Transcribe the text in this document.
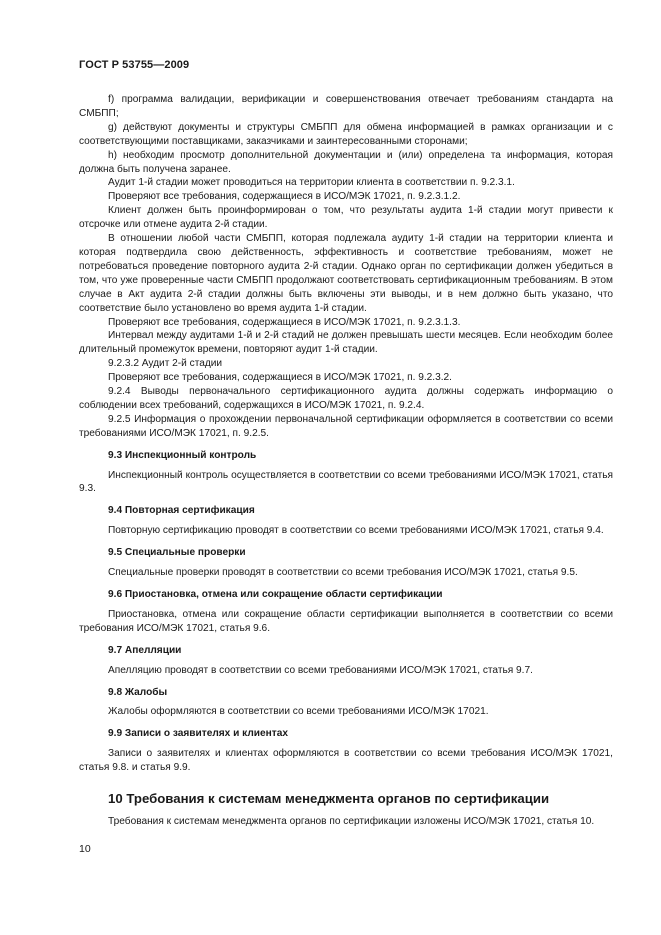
ГОСТ Р 53755—2009

f) программа валидации, верификации и совершенствования отвечает требованиям стандарта на СМБПП;

g) действуют документы и структуры СМБПП для обмена информацией в рамках организации и с соответствующими поставщиками, заказчиками и заинтересованными сторонами;

h) необходим просмотр дополнительной документации и (или) определена та информация, которая должна быть получена заранее.

Аудит 1-й стадии может проводиться на территории клиента в соответствии п. 9.2.3.1.

Проверяют все требования, содержащиеся в ИСО/МЭК 17021, п. 9.2.3.1.2.

Клиент должен быть проинформирован о том, что результаты аудита 1-й стадии могут привести к отсрочке или отмене аудита 2-й стадии.

В отношении любой части СМБПП, которая подлежала аудиту 1-й стадии на территории клиента и которая подтвердила свою действенность, эффективность и соответствие требованиям, может не потребоваться проведение повторного аудита 2-й стадии. Однако орган по сертификации должен убедиться в том, что уже проверенные части СМБПП продолжают соответствовать сертификационным требованиям. В этом случае в Акт аудита 2-й стадии должны быть включены эти выводы, и в нем должно быть указано, что соответствие было установлено во время аудита 1-й стадии.

Проверяют все требования, содержащиеся в ИСО/МЭК 17021, п. 9.2.3.1.3.

Интервал между аудитами 1-й и 2-й стадий не должен превышать шести месяцев. Если необходим более длительный промежуток времени, повторяют аудит 1-й стадии.

9.2.3.2 Аудит 2-й стадии

Проверяют все требования, содержащиеся в ИСО/МЭК 17021, п. 9.2.3.2.

9.2.4 Выводы первоначального сертификационного аудита должны содержать информацию о соблюдении всех требований, содержащихся в ИСО/МЭК 17021, п. 9.2.4.

9.2.5 Информация о прохождении первоначальной сертификации оформляется в соответствии со всеми требованиями ИСО/МЭК 17021, п. 9.2.5.

9.3 Инспекционный контроль

Инспекционный контроль осуществляется в соответствии со всеми требованиями ИСО/МЭК 17021, статья 9.3.

9.4 Повторная сертификация

Повторную сертификацию проводят в соответствии со всеми требованиями ИСО/МЭК 17021, статья 9.4.

9.5 Специальные проверки

Специальные проверки проводят в соответствии со всеми требования ИСО/МЭК 17021, статья 9.5.

9.6 Приостановка, отмена или сокращение области сертификации

Приостановка, отмена или сокращение области сертификации выполняется в соответствии со всеми требования ИСО/МЭК 17021, статья 9.6.

9.7 Апелляции

Апелляцию проводят в соответствии со всеми требованиями ИСО/МЭК 17021, статья 9.7.

9.8 Жалобы

Жалобы оформляются в соответствии со всеми требованиями ИСО/МЭК 17021.

9.9 Записи о заявителях и клиентах

Записи о заявителях и клиентах оформляются в соответствии со всеми требования ИСО/МЭК 17021, статья 9.8. и статья 9.9.

10 Требования к системам менеджмента органов по сертификации

Требования к системам менеджмента органов по сертификации изложены ИСО/МЭК 17021, статья 10.

10
